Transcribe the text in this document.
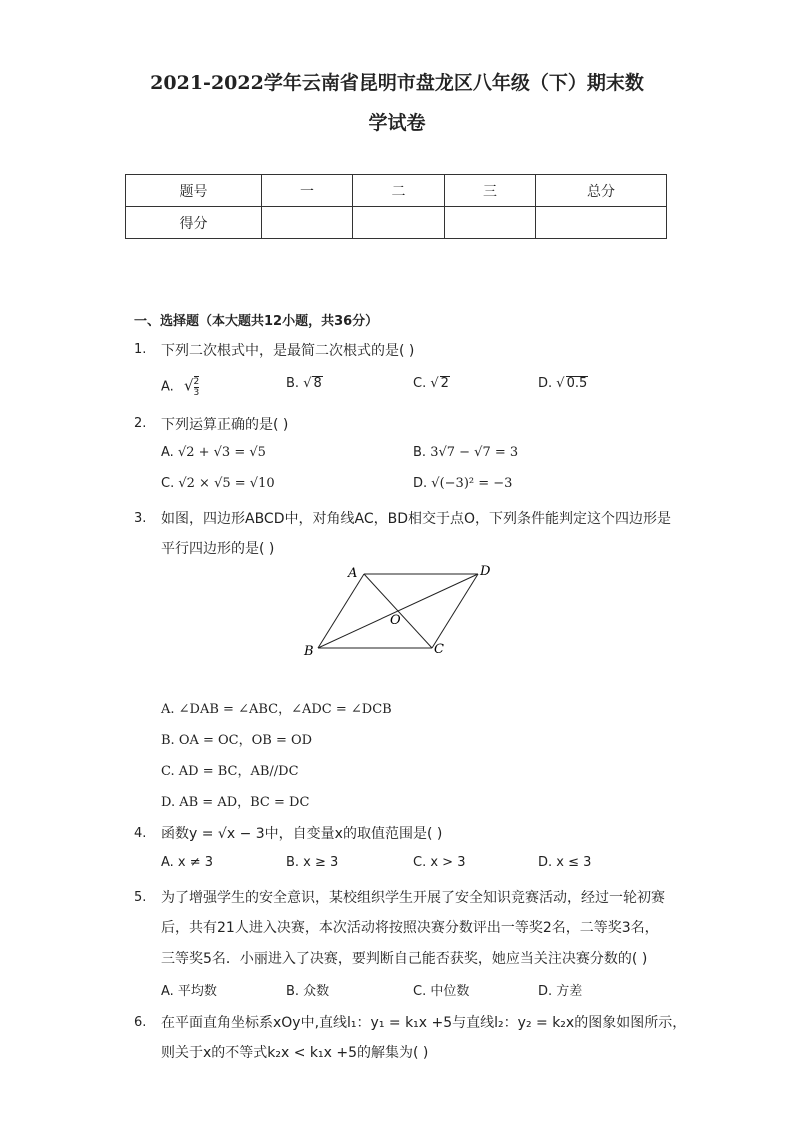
2021-2022学年云南省昆明市盘龙区八年级（下）期末数
学试卷
题号	一	二	三	总分
得分				
一、选择题（本大题共12小题，共36分）
1. 下列二次根式中，是最简二次根式的是( )
A. √ $\frac{2}{3}$	B. √ 8	C. √ 2	D. √ 0.5
2. 下列运算正确的是( )
A. √2 + √3 = √5	B. 3√7 − √7 = 3
C. √2 × √5 = √10	D. √(−3)² = −3
3. 如图，四边形ABCD中，对角线AC，BD相交于点O，下列条件能判定这个四边形是
平行四边形的是( )
A	D
B	C
O
A. ∠DAB = ∠ABC，∠ADC = ∠DCB
B. OA = OC，OB = OD
C. AD = BC，AB//DC
D. AB = AD，BC = DC
4. 函数y = √x − 3中，自变量x的取值范围是( )
A. x ≠ 3	B. x ≥ 3	C. x > 3	D. x ≤ 3
5. 为了增强学生的安全意识，某校组织学生开展了安全知识竞赛活动，经过一轮初赛
后，共有21人进入决赛，本次活动将按照决赛分数评出一等奖2名，二等奖3名，
三等奖5名．小丽进入了决赛，要判断自己能否获奖，她应当关注决赛分数的( )
A. 平均数	B. 众数	C. 中位数	D. 方差
6. 在平面直角坐标系xOy中,直线l₁：y₁ = k₁x +5与直线l₂：y₂ = k₂x的图象如图所示，
则关于x的不等式k₂x < k₁x +5的解集为( )
